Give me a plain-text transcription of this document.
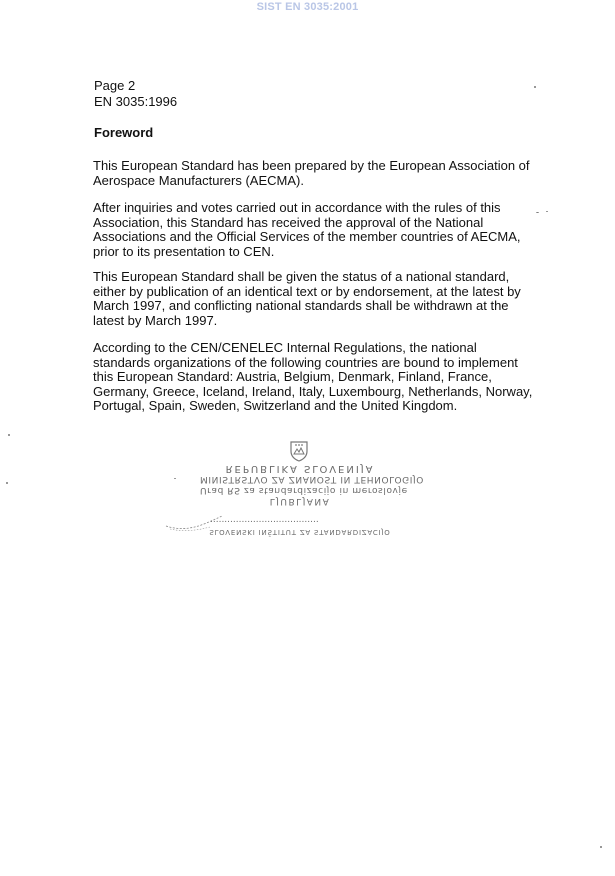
SIST EN 3035:2001
Page 2
EN 3035:1996
Foreword

This European Standard has been prepared by the European Association of Aerospace Manufacturers (AECMA).

After inquiries and votes carried out in accordance with the rules of this Association, this Standard has received the approval of the National Associations and the Official Services of the member countries of AECMA, prior to its presentation to CEN.

This European Standard shall be given the status of a national standard, either by publication of an identical text or by endorsement, at the latest by March 1997, and conflicting national standards shall be withdrawn at the latest by March 1997.

According to the CEN/CENELEC Internal Regulations, the national standards organizations of the following countries are bound to implement this European Standard: Austria, Belgium, Denmark, Finland, France, Germany, Greece, Iceland, Ireland, Italy, Luxembourg, Netherlands, Norway, Portugal, Spain, Sweden, Switzerland and the United Kingdom.

REPUBLIKA SLOVENIJA
MINISTRSTVO ZA ZNANOST IN TEHNOLOGIJO
Urad RS za standardizacijo in meroslovje
LJUBLJANA
......................................
SLOVENSKI INŠTITUT ZA STANDARDIZACIJO
